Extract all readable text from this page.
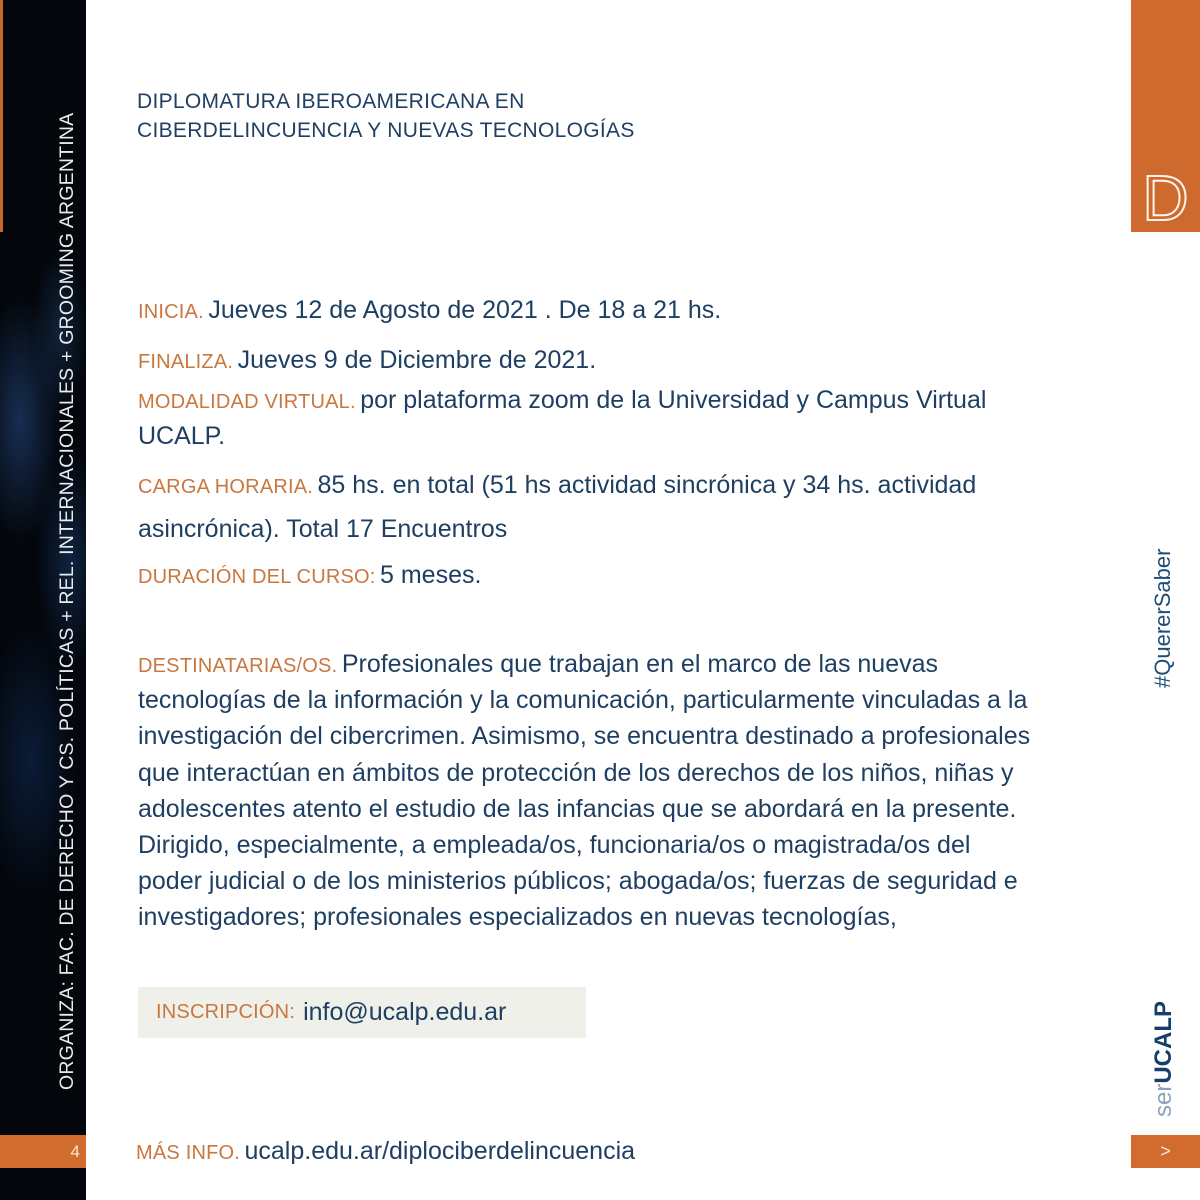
ORGANIZA: FAC. DE DERECHO Y CS. POLÍTICAS + REL. INTERNACIONALES + GROOMING ARGENTINA
4
D
#QuererSaber
serUCALP
>
DIPLOMATURA IBEROAMERICANA EN
CIBERDELINCUENCIA Y NUEVAS TECNOLOGÍAS
INICIA. Jueves 12 de Agosto de 2021 . De 18 a 21 hs.
FINALIZA. Jueves 9 de Diciembre de 2021.
MODALIDAD VIRTUAL. por plataforma zoom de la Universidad y Campus Virtual UCALP.
CARGA HORARIA. 85 hs. en total (51 hs actividad sincrónica y 34 hs. actividad asincrónica). Total 17 Encuentros
DURACIÓN DEL CURSO: 5 meses.
DESTINATARIAS/OS. Profesionales que trabajan en el marco de las nuevas tecnologías de la información y la comunicación, particularmente vinculadas a la investigación del cibercrimen. Asimismo, se encuentra destinado a profesionales que interactúan en ámbitos de protección de los derechos de los niños, niñas y adolescentes atento el estudio de las infancias que se abordará en la presente. Dirigido, especialmente, a empleada/os, funcionaria/os o magistrada/os del poder judicial o de los ministerios públicos; abogada/os; fuerzas de seguridad e investigadores; profesionales especializados en nuevas tecnologías,
INSCRIPCIÓN: info@ucalp.edu.ar
MÁS INFO. ucalp.edu.ar/diplociberdelincuencia
